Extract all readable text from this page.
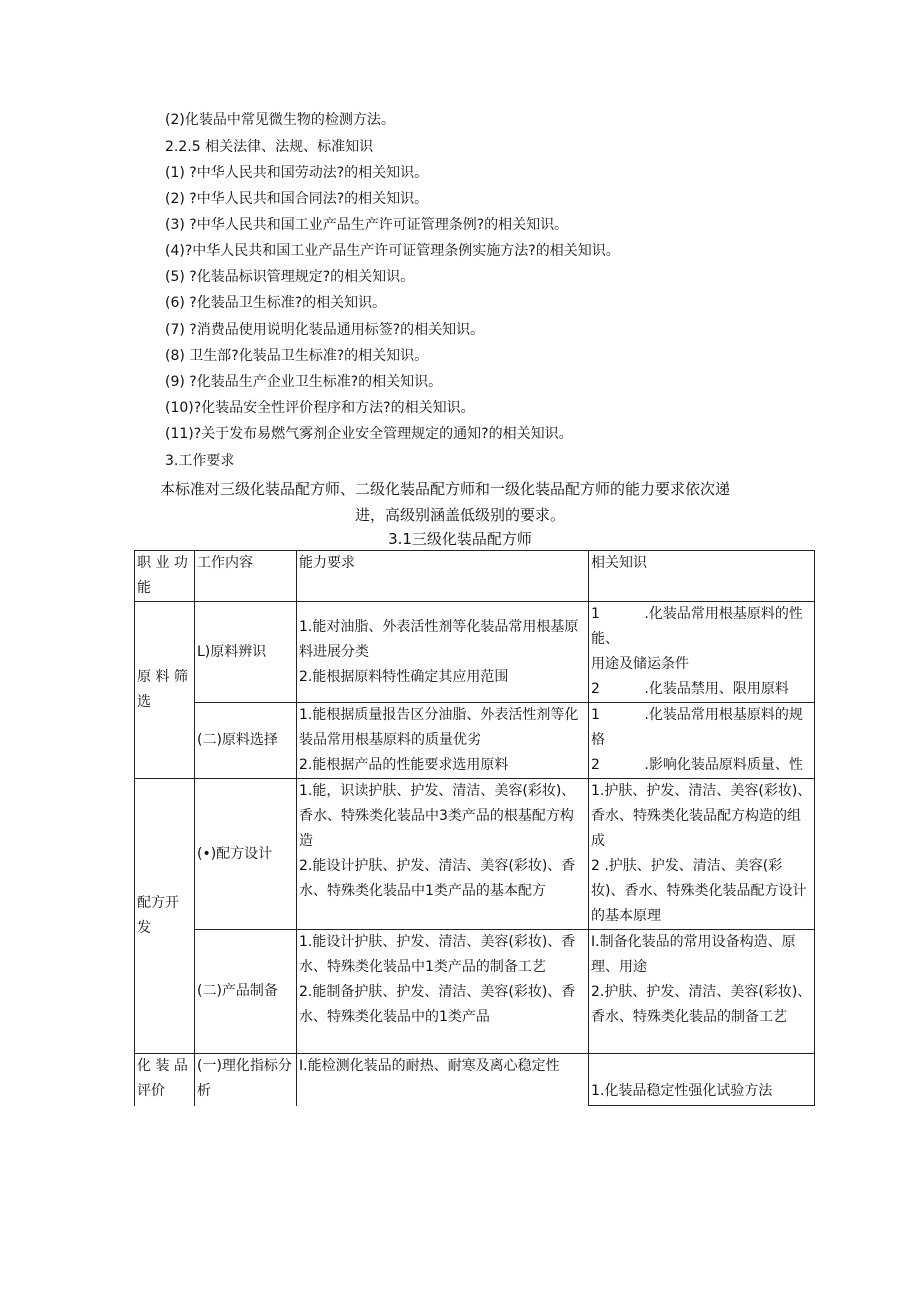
(2)化装品中常见微生物的检测方法。
2.2.5 相关法律、法规、标准知识
(1) ?中华人民共和国劳动法?的相关知识。
(2) ?中华人民共和国合同法?的相关知识。
(3) ?中华人民共和国工业产品生产许可证管理条例?的相关知识。
(4)?中华人民共和国工业产品生产许可证管理条例实施方法?的相关知识。
(5) ?化装品标识管理规定?的相关知识。
(6) ?化装品卫生标准?的相关知识。
(7) ?消费品使用说明化装品通用标签?的相关知识。
(8) 卫生部?化装品卫生标准?的相关知识。
(9) ?化装品生产企业卫生标准?的相关知识。
(10)?化装品安全性评价程序和方法?的相关知识。
(11)?关于发布易燃气雾剂企业安全管理规定的通知?的相关知识。
3.工作要求
本标准对三级化装品配方师、二级化装品配方师和一级化装品配方师的能力要求依次递
进，高级别涵盖低级别的要求。
3.1三级化装品配方师
职 业 功能	工作内容	能力要求	相关知识
原 料 筛选	L)原料辨识	1.能对油脂、外表活性剂等化装品常用根基原料进展分类
2.能根据原料特性确定其应用范围	1          .化装品常用根基原料的性能、
用途及储运条件
2          .化装品禁用、限用原料

	(二)原料选择	1.能根据质量报告区分油脂、外表活性剂等化装品常用根基原料的质量优劣
2.能根据产品的性能要求选用原料	1          .化装品常用根基原料的规格
2          .影响化装品原料质量、性

配方开发	(•)配方设计	1.能，识读护肤、护发、清洁、美容(彩妆)、香水、特殊类化装品中3类产品的根基配方构造
2.能设计护肤、护发、清洁、美容(彩妆)、香水、特殊类化装品中1类产品的基本配方	1.护肤、护发、清洁、美容(彩妆)、香水、特殊类化装品配方构造的组成
2 .护肤、护发、清洁、美容(彩妆)、香水、特殊类化装品配方设计的基本原理

	(二)产品制备	1.能设计护肤、护发、清洁、美容(彩妆)、香水、特殊类化装品中1类产品的制备工艺
2.能制备护肤、护发、清洁、美容(彩妆)、香水、特殊类化装品中的1类产品	I.制备化装品的常用设备构造、原理、用途
2.护肤、护发、清洁、美容(彩妆)、香水、特殊类化装品的制备工艺

化 装 品评价	(一)理化指标分析	I.能检测化装品的耐热、耐寒及离心稳定性	1.化装品稳定性强化试验方法
